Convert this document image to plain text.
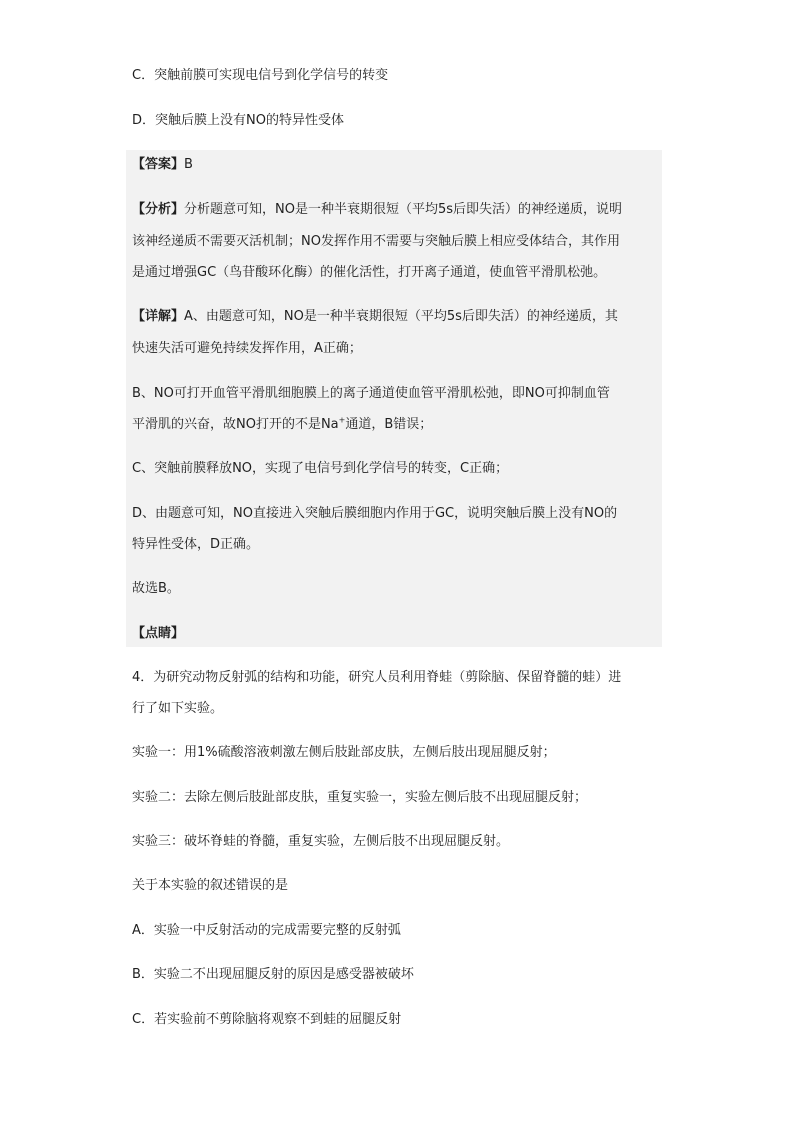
C．突触前膜可实现电信号到化学信号的转变
D．突触后膜上没有NO的特异性受体
【答案】B
【分析】分析题意可知，NO是一种半衰期很短（平均5s后即失活）的神经递质，说明
该神经递质不需要灭活机制；NO发挥作用不需要与突触后膜上相应受体结合，其作用
是通过增强GC（鸟苷酸环化酶）的催化活性，打开离子通道，使血管平滑肌松弛。
【详解】A、由题意可知，NO是一种半衰期很短（平均5s后即失活）的神经递质，其
快速失活可避免持续发挥作用，A正确；
B、NO可打开血管平滑肌细胞膜上的离子通道使血管平滑肌松弛，即NO可抑制血管
平滑肌的兴奋，故NO打开的不是Na+通道，B错误；
C、突触前膜释放NO，实现了电信号到化学信号的转变，C正确；
D、由题意可知，NO直接进入突触后膜细胞内作用于GC，说明突触后膜上没有NO的
特异性受体，D正确。
故选B。
【点睛】
4．为研究动物反射弧的结构和功能，研究人员利用脊蛙（剪除脑、保留脊髓的蛙）进
行了如下实验。
实验一：用1%硫酸溶液刺激左侧后肢趾部皮肤，左侧后肢出现屈腿反射；
实验二：去除左侧后肢趾部皮肤，重复实验一，实验左侧后肢不出现屈腿反射；
实验三：破坏脊蛙的脊髓，重复实验，左侧后肢不出现屈腿反射。
关于本实验的叙述错误的是
A．实验一中反射活动的完成需要完整的反射弧
B．实验二不出现屈腿反射的原因是感受器被破坏
C．若实验前不剪除脑将观察不到蛙的屈腿反射
